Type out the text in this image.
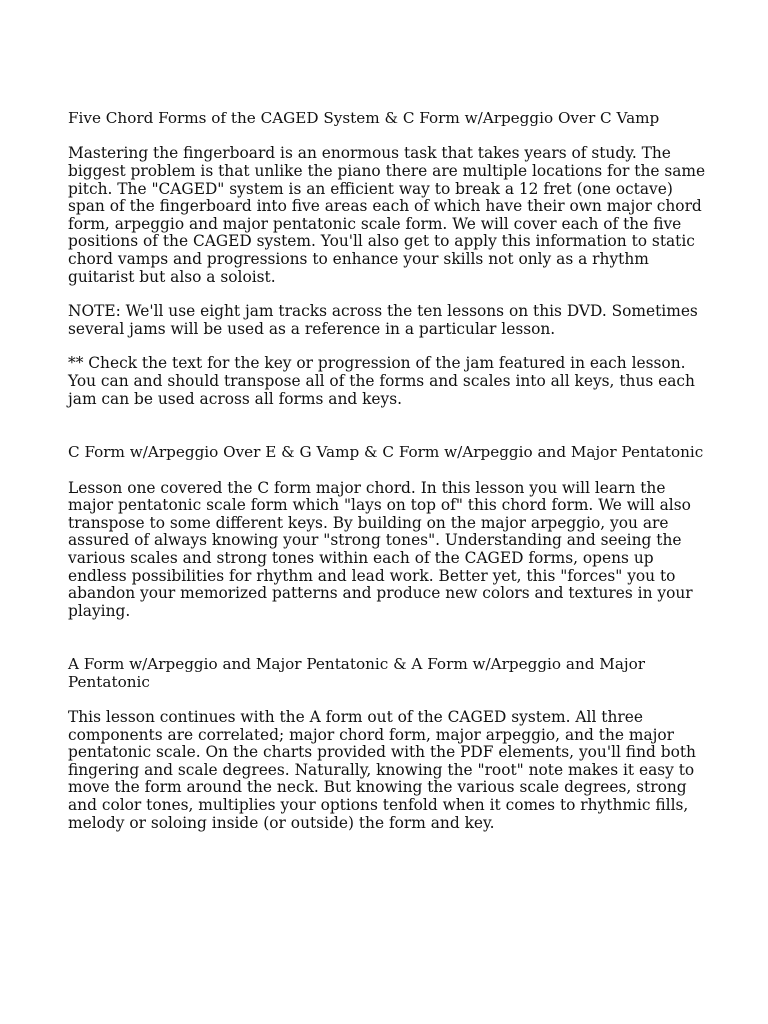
Five Chord Forms of the CAGED System & C Form w/Arpeggio Over C Vamp

Mastering the fingerboard is an enormous task that takes years of study. The biggest problem is that unlike the piano there are multiple locations for the same pitch. The "CAGED" system is an efficient way to break a 12 fret (one octave) span of the fingerboard into five areas each of which have their own major chord form, arpeggio and major pentatonic scale form. We will cover each of the five positions of the CAGED system. You'll also get to apply this information to static chord vamps and progressions to enhance your skills not only as a rhythm guitarist but also a soloist.

NOTE: We'll use eight jam tracks across the ten lessons on this DVD. Sometimes several jams will be used as a reference in a particular lesson.

** Check the text for the key or progression of the jam featured in each lesson. You can and should transpose all of the forms and scales into all keys, thus each jam can be used across all forms and keys.

C Form w/Arpeggio Over E & G Vamp & C Form w/Arpeggio and Major Pentatonic

Lesson one covered the C form major chord. In this lesson you will learn the major pentatonic scale form which "lays on top of" this chord form. We will also transpose to some different keys. By building on the major arpeggio, you are assured of always knowing your "strong tones". Understanding and seeing the various scales and strong tones within each of the CAGED forms, opens up endless possibilities for rhythm and lead work. Better yet, this "forces" you to abandon your memorized patterns and produce new colors and textures in your playing.

A Form w/Arpeggio and Major Pentatonic & A Form w/Arpeggio and Major Pentatonic

This lesson continues with the A form out of the CAGED system. All three components are correlated; major chord form, major arpeggio, and the major pentatonic scale. On the charts provided with the PDF elements, you'll find both fingering and scale degrees. Naturally, knowing the "root" note makes it easy to move the form around the neck. But knowing the various scale degrees, strong and color tones, multiplies your options tenfold when it comes to rhythmic fills, melody or soloing inside (or outside) the form and key.
